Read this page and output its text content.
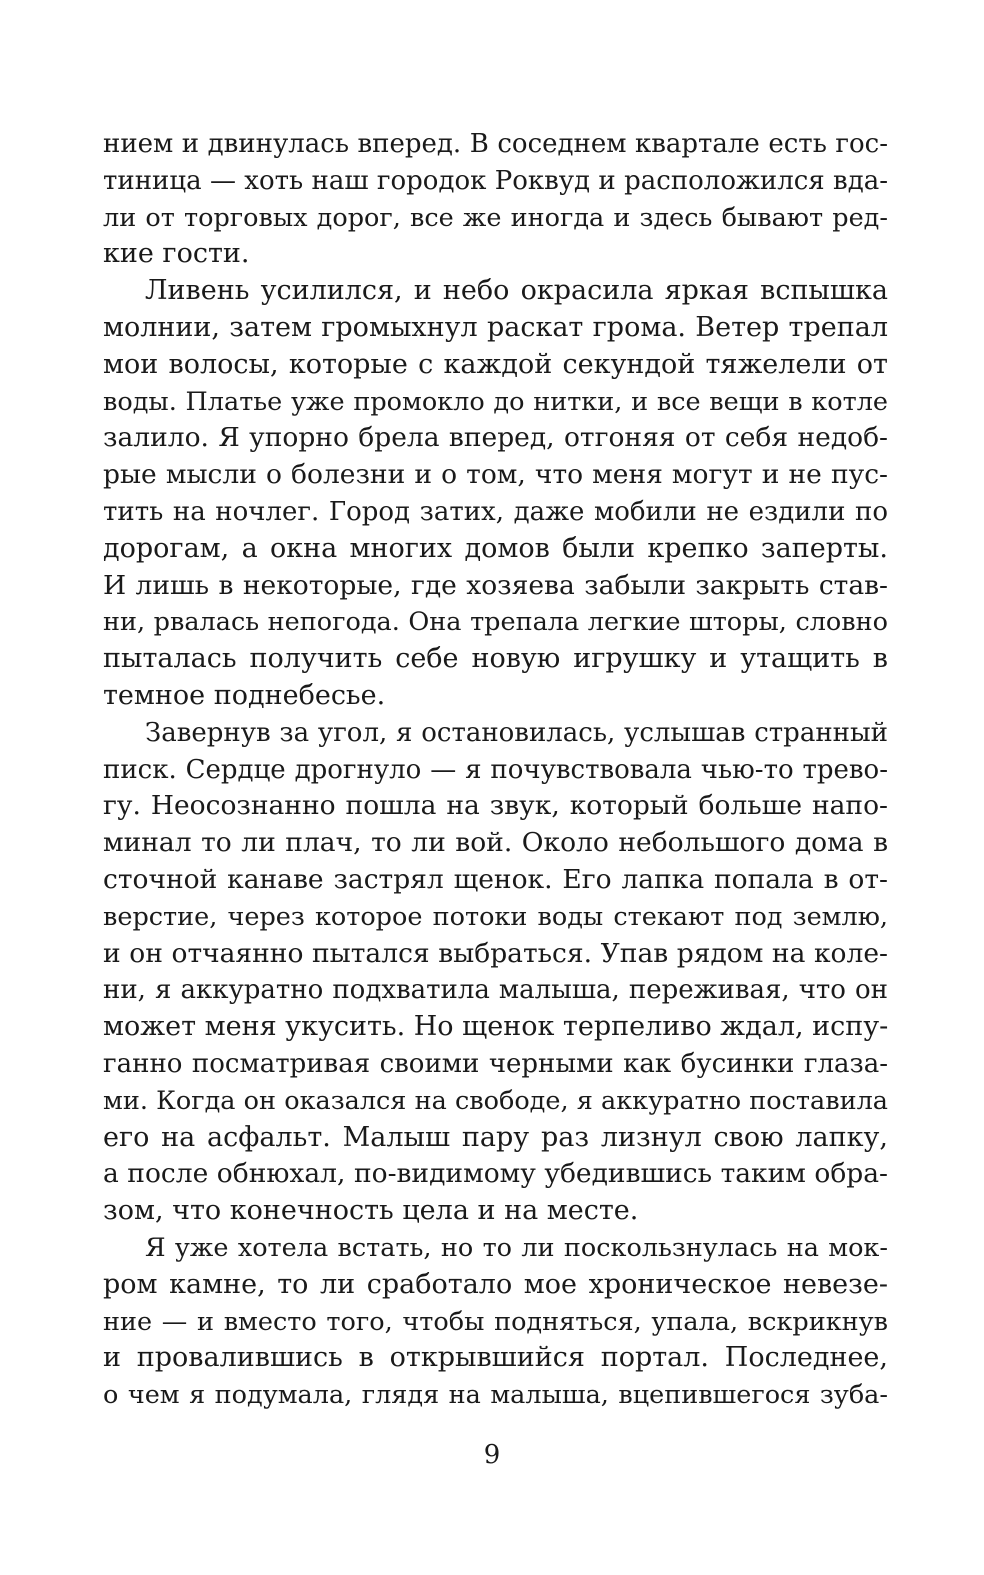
нием и двинулась вперед. В соседнем квартале есть гос-
тиница — хоть наш городок Роквуд и расположился вда-
ли от торговых дорог, все же иногда и здесь бывают ред-
кие гости.
Ливень усилился, и небо окрасила яркая вспышка
молнии, затем громыхнул раскат грома. Ветер трепал
мои волосы, которые с каждой секундой тяжелели от
воды. Платье уже промокло до нитки, и все вещи в котле
залило. Я упорно брела вперед, отгоняя от себя недоб-
рые мысли о болезни и о том, что меня могут и не пус-
тить на ночлег. Город затих, даже мобили не ездили по
дорогам, а окна многих домов были крепко заперты.
И лишь в некоторые, где хозяева забыли закрыть став-
ни, рвалась непогода. Она трепала легкие шторы, словно
пыталась получить себе новую игрушку и утащить в
темное поднебесье.
Завернув за угол, я остановилась, услышав странный
писк. Сердце дрогнуло — я почувствовала чью-то трево-
гу. Неосознанно пошла на звук, который больше напо-
минал то ли плач, то ли вой. Около небольшого дома в
сточной канаве застрял щенок. Его лапка попала в от-
верстие, через которое потоки воды стекают под землю,
и он отчаянно пытался выбраться. Упав рядом на коле-
ни, я аккуратно подхватила малыша, переживая, что он
может меня укусить. Но щенок терпеливо ждал, испу-
ганно посматривая своими черными как бусинки глаза-
ми. Когда он оказался на свободе, я аккуратно поставила
его на асфальт. Малыш пару раз лизнул свою лапку,
а после обнюхал, по-видимому убедившись таким обра-
зом, что конечность цела и на месте.
Я уже хотела встать, но то ли поскользнулась на мок-
ром камне, то ли сработало мое хроническое невезе-
ние — и вместо того, чтобы подняться, упала, вскрикнув
и провалившись в открывшийся портал. Последнее,
о чем я подумала, глядя на малыша, вцепившегося зуба-
9
